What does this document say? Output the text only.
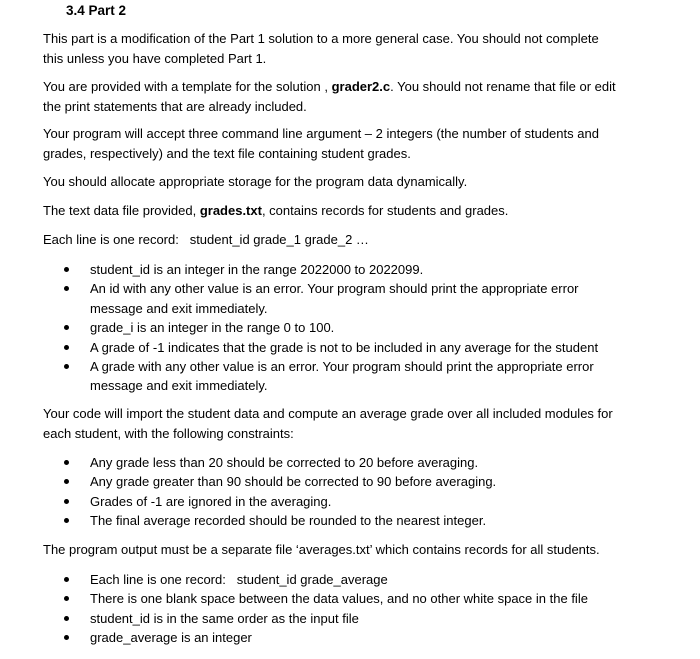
3.4 Part 2

This part is a modification of the Part 1 solution to a more general case. You should not complete
this unless you have completed Part 1.

You are provided with a template for the solution , grader2.c. You should not rename that file or edit
the print statements that are already included.

Your program will accept three command line argument – 2 integers (the number of students and
grades, respectively) and the text file containing student grades.

You should allocate appropriate storage for the program data dynamically.

The text data file provided, grades.txt, contains records for students and grades.

Each line is one record:   student_id grade_1 grade_2 …

student_id is an integer in the range 2022000 to 2022099.
An id with any other value is an error. Your program should print the appropriate error
message and exit immediately.
grade_i is an integer in the range 0 to 100.
A grade of -1 indicates that the grade is not to be included in any average for the student
A grade with any other value is an error. Your program should print the appropriate error
message and exit immediately.

Your code will import the student data and compute an average grade over all included modules for
each student, with the following constraints:

Any grade less than 20 should be corrected to 20 before averaging.
Any grade greater than 90 should be corrected to 90 before averaging.
Grades of -1 are ignored in the averaging.
The final average recorded should be rounded to the nearest integer.

The program output must be a separate file ‘averages.txt’ which contains records for all students.

Each line is one record:   student_id grade_average
There is one blank space between the data values, and no other white space in the file
student_id is in the same order as the input file
grade_average is an integer
